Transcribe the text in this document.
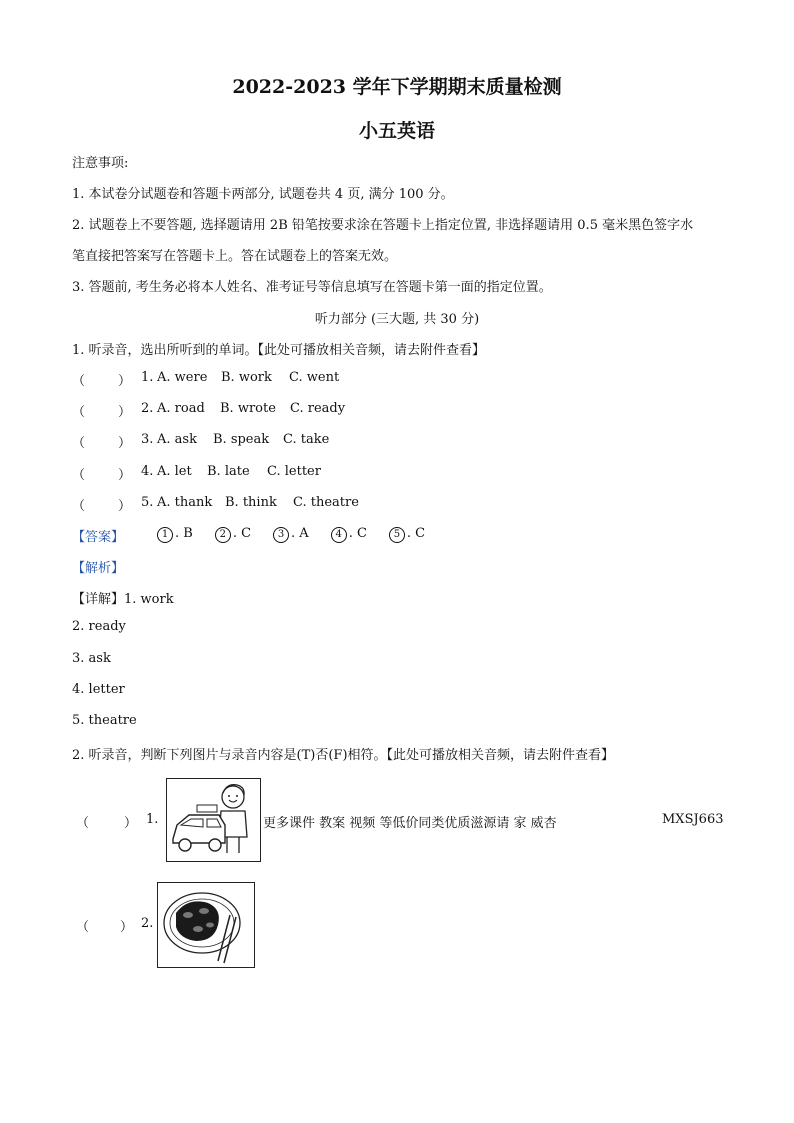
2022-2023 学年下学期期末质量检测
小五英语
注意事项:
1. 本试卷分试题卷和答题卡两部分, 试题卷共 4 页, 满分 100 分。
2. 试题卷上不要答题, 选择题请用 2B 铅笔按要求涂在答题卡上指定位置, 非选择题请用 0.5 毫米黑色签字水
笔直接把答案写在答题卡上。答在试题卷上的答案无效。
3. 答题前, 考生务必将本人姓名、准考证号等信息填写在答题卡第一面的指定位置。
听力部分 (三大题, 共 30 分)
1. 听录音，选出所听到的单词。【此处可播放相关音频，请去附件查看】
（	） 1. A. were B. work C. went
（	） 2. A. road B. wrote C. ready
（	） 3. A. ask B. speak C. take
（	） 4. A. let B. late C. letter
（	） 5. A. thank B. think C. theatre
【答案】	1 . B	2 . C	3 . A	4 . C	5 . C
【解析】
【详解】1. work
2. ready
3. ask
4. letter
5. theatre
2. 听录音，判断下列图片与录音内容是(T)否(F)相符。【此处可播放相关音频，请去附件查看】
（	） 1.	更多课件 教案 视频 等低价同类优质滋源请 家 威杏	MXSJ663
（ ） 2.
